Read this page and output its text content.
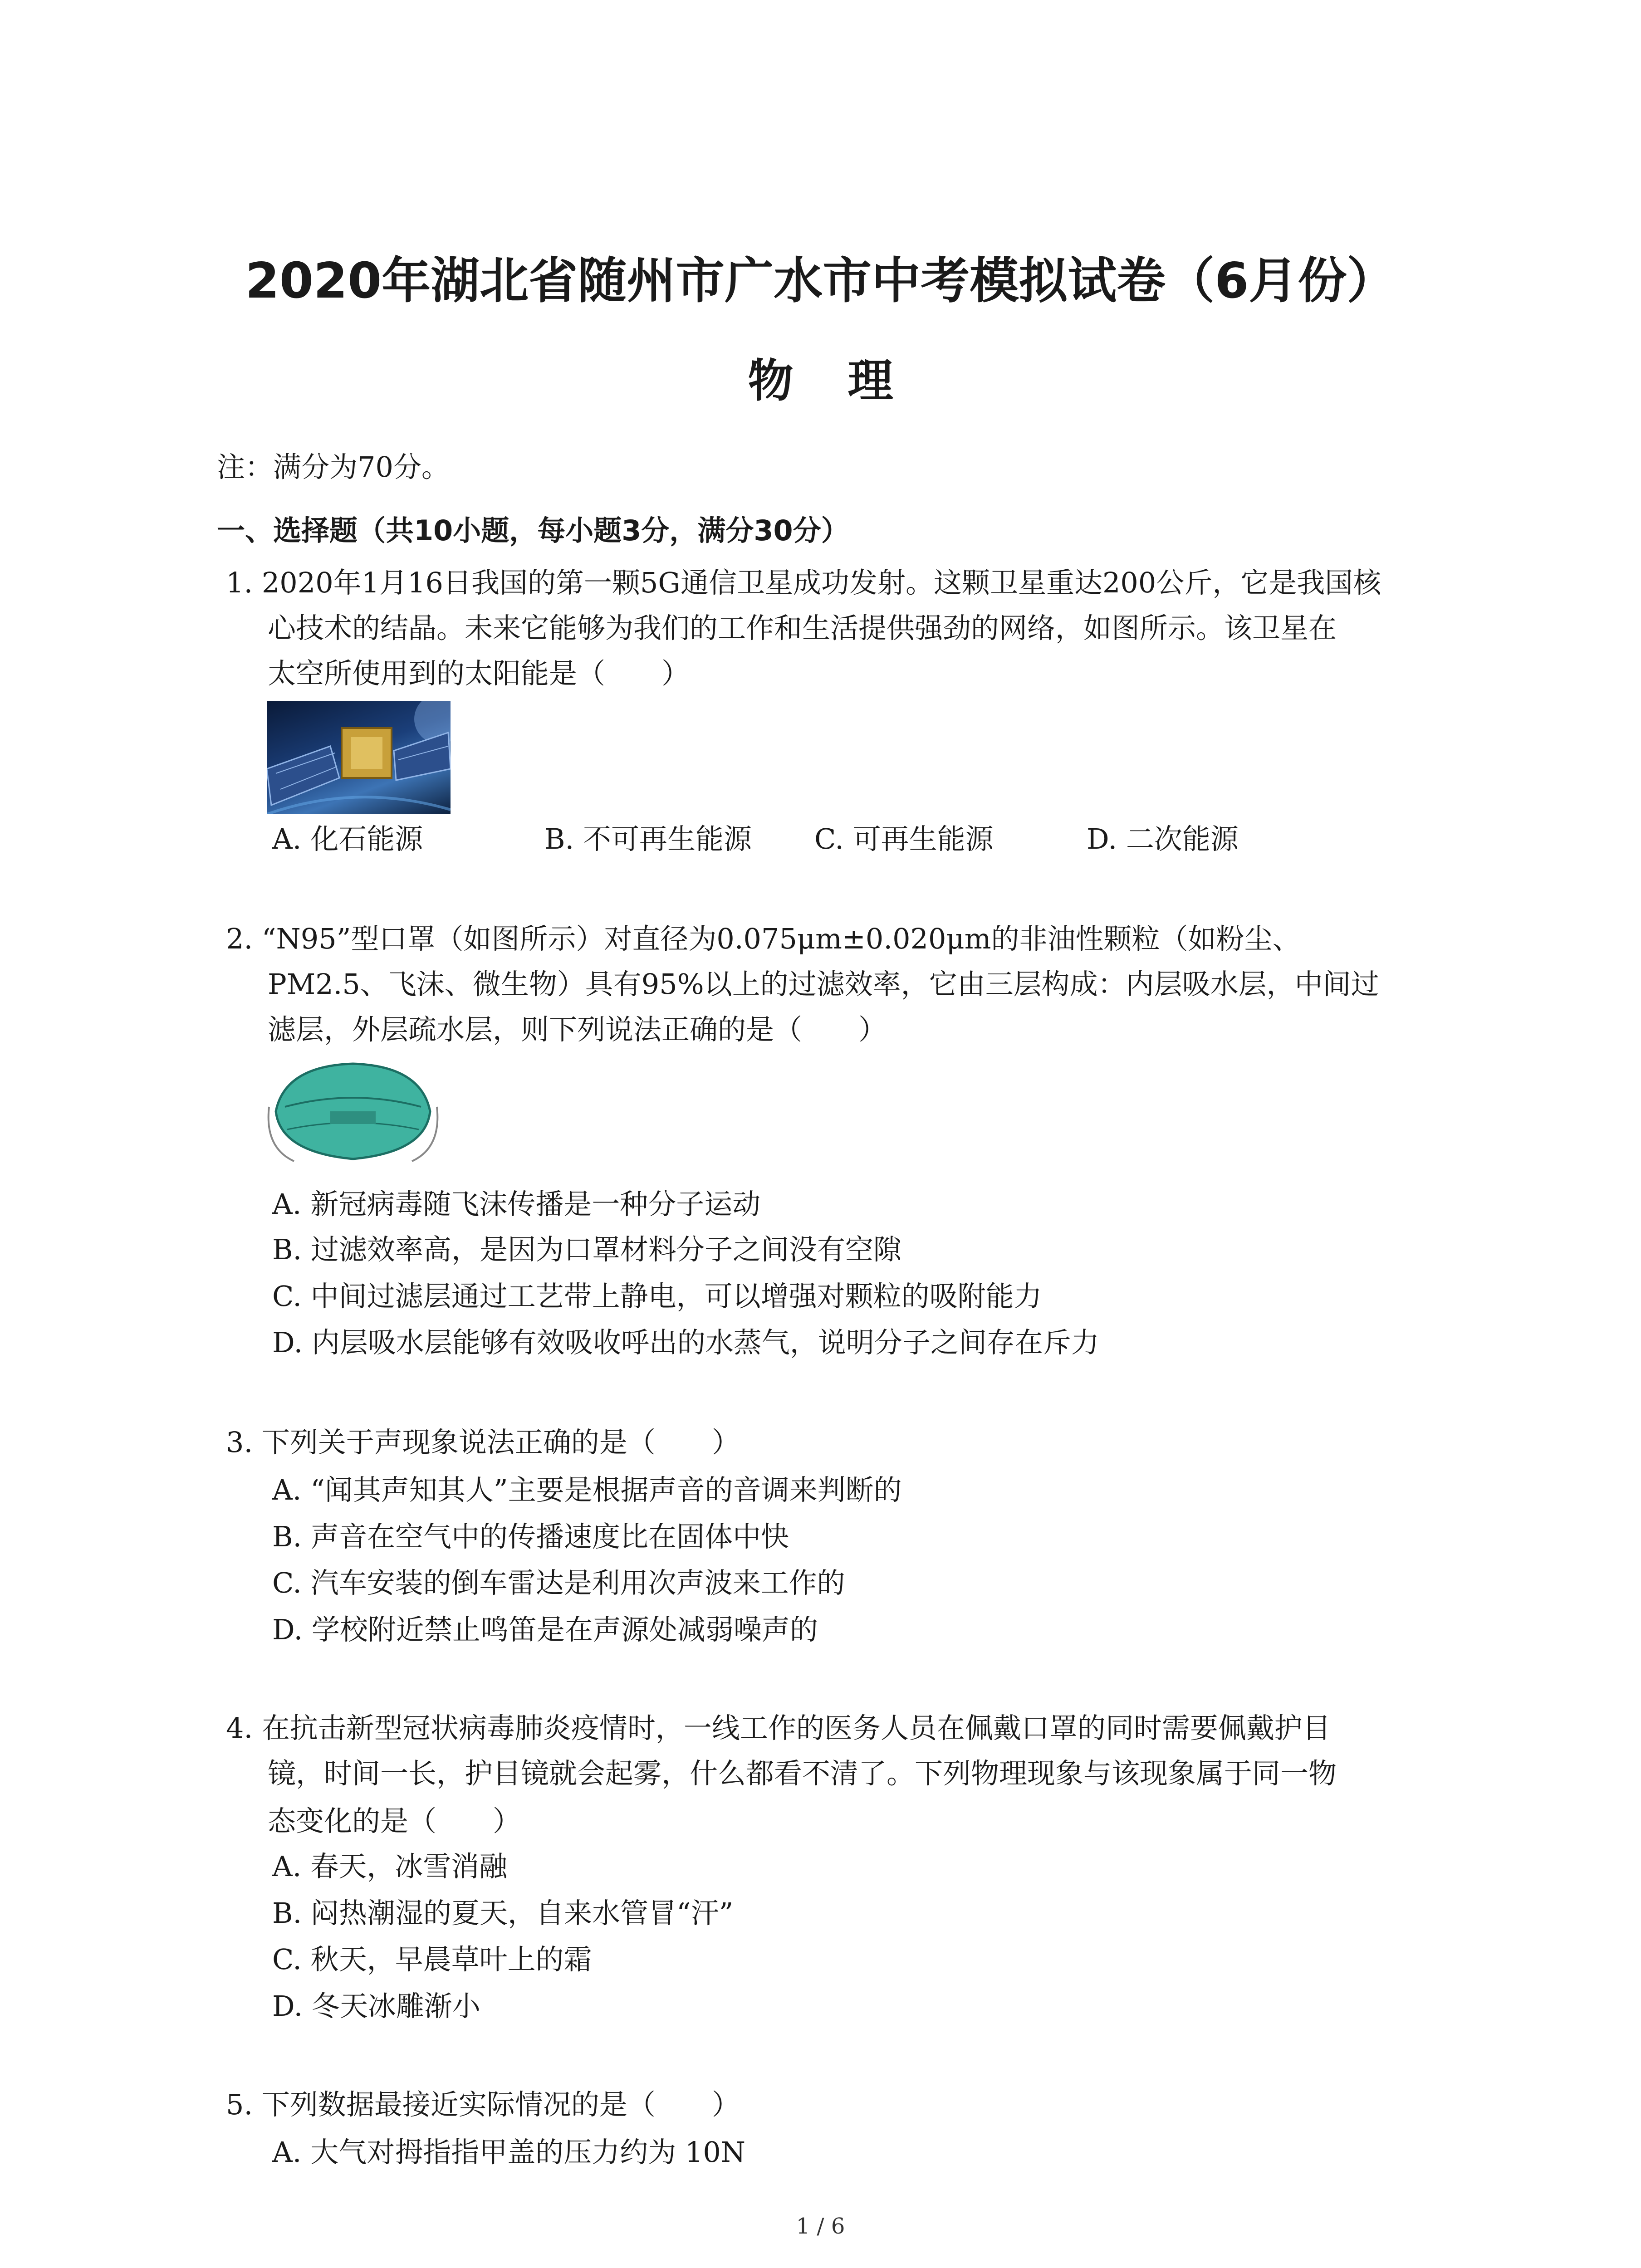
2020年湖北省随州市广水市中考模拟试卷（6月份）
物理
注：满分为70分。
一、选择题（共10小题，每小题3分，满分30分）
1. 2020年1月16日我国的第一颗5G通信卫星成功发射。这颗卫星重达200公斤，它是我国核
心技术的结晶。未来它能够为我们的工作和生活提供强劲的网络，如图所示。该卫星在
太空所使用到的太阳能是（　　）
A. 化石能源	B. 不可再生能源 C. 可再生能源	D. 二次能源
2. “N95”型口罩（如图所示）对直径为0.075μm±0.020μm的非油性颗粒（如粉尘、
PM2.5、飞沫、微生物）具有95%以上的过滤效率，它由三层构成：内层吸水层，中间过
滤层，外层疏水层，则下列说法正确的是（　　）
A. 新冠病毒随飞沫传播是一种分子运动
B. 过滤效率高，是因为口罩材料分子之间没有空隙
C. 中间过滤层通过工艺带上静电，可以增强对颗粒的吸附能力
D. 内层吸水层能够有效吸收呼出的水蒸气，说明分子之间存在斥力
3. 下列关于声现象说法正确的是（　　）
A. “闻其声知其人”主要是根据声音的音调来判断的
B. 声音在空气中的传播速度比在固体中快
C. 汽车安装的倒车雷达是利用次声波来工作的
D. 学校附近禁止鸣笛是在声源处减弱噪声的
4. 在抗击新型冠状病毒肺炎疫情时，一线工作的医务人员在佩戴口罩的同时需要佩戴护目
镜，时间一长，护目镜就会起雾，什么都看不清了。下列物理现象与该现象属于同一物
态变化的是（　　）
A. 春天，冰雪消融
B. 闷热潮湿的夏天，自来水管冒“汗”
C. 秋天，早晨草叶上的霜
D. 冬天冰雕渐小
5. 下列数据最接近实际情况的是（　　）
A. 大气对拇指指甲盖的压力约为 10N
1 / 6
